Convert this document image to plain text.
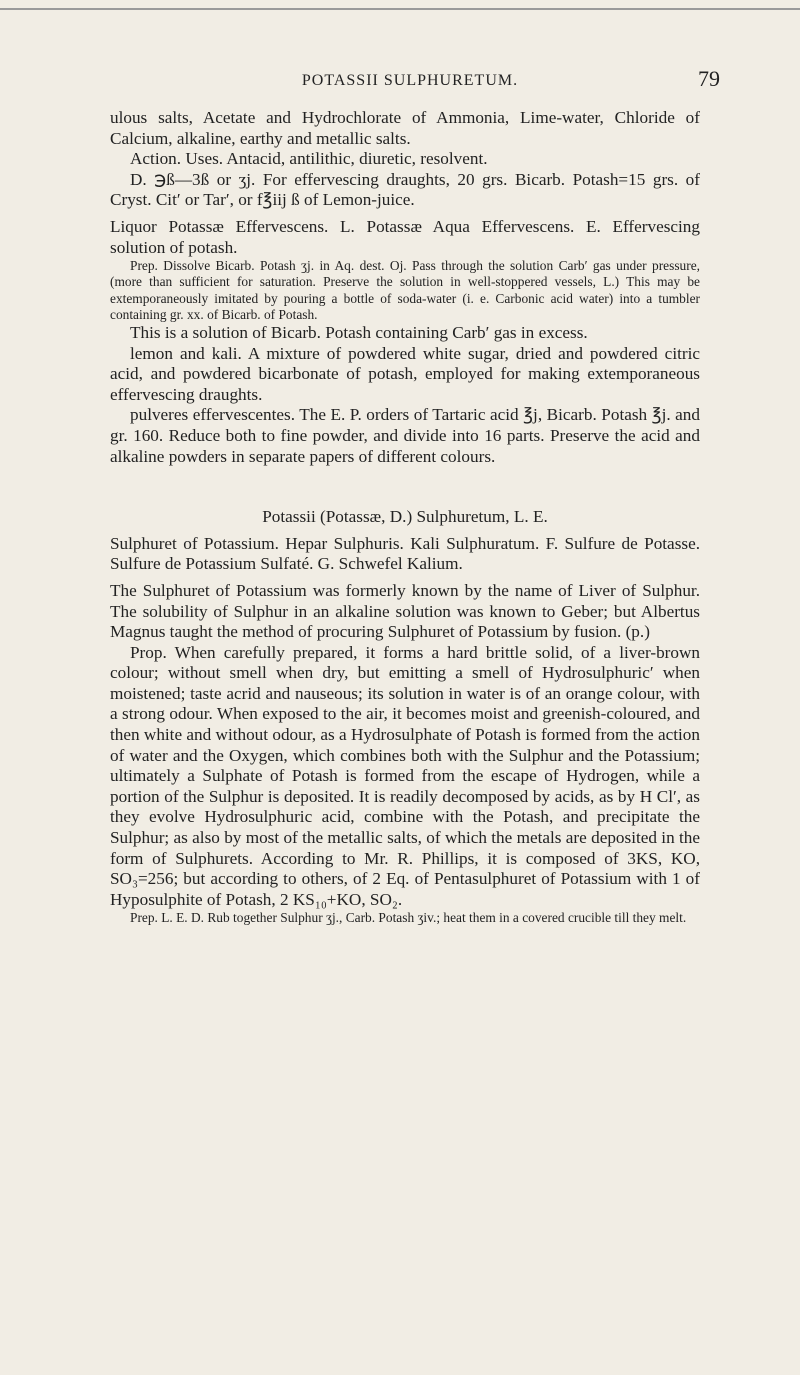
POTASSII SULPHURETUM.	79

ulous salts, Acetate and Hydrochlorate of Ammonia, Lime-water, Chloride of Calcium, alkaline, earthy and metallic salts.

Action. Uses. Antacid, antilithic, diuretic, resolvent.

D. ℈ß—3ß or ʒj. For effervescing draughts, 20 grs. Bicarb. Potash=15 grs. of Cryst. Cit′ or Tar′, or f℥iij ß of Lemon-juice.

Liquor Potassæ Effervescens. L. Potassæ Aqua Effervescens. E. Effervescing solution of potash.

Prep. Dissolve Bicarb. Potash ʒj. in Aq. dest. Oj. Pass through the solution Carb′ gas under pressure, (more than sufficient for saturation. Preserve the solution in well-stoppered vessels, L.) This may be extemporaneously imitated by pouring a bottle of soda-water (i. e. Carbonic acid water) into a tumbler containing gr. xx. of Bicarb. of Potash.

This is a solution of Bicarb. Potash containing Carb′ gas in excess.

lemon and kali. A mixture of powdered white sugar, dried and powdered citric acid, and powdered bicarbonate of potash, employed for making extemporaneous effervescing draughts.

pulveres effervescentes. The E. P. orders of Tartaric acid ℥j, Bicarb. Potash ℥j. and gr. 160. Reduce both to fine powder, and divide into 16 parts. Preserve the acid and alkaline powders in separate papers of different colours.

Potassii (Potassæ, D.) Sulphuretum, L. E.

Sulphuret of Potassium. Hepar Sulphuris. Kali Sulphuratum. F. Sulfure de Potasse. Sulfure de Potassium Sulfaté. G. Schwefel Kalium.

The Sulphuret of Potassium was formerly known by the name of Liver of Sulphur. The solubility of Sulphur in an alkaline solution was known to Geber; but Albertus Magnus taught the method of procuring Sulphuret of Potassium by fusion. (p.)

Prop. When carefully prepared, it forms a hard brittle solid, of a liver-brown colour; without smell when dry, but emitting a smell of Hydrosulphuric′ when moistened; taste acrid and nauseous; its solution in water is of an orange colour, with a strong odour. When exposed to the air, it becomes moist and greenish-coloured, and then white and without odour, as a Hydrosulphate of Potash is formed from the action of water and the Oxygen, which combines both with the Sulphur and the Potassium; ultimately a Sulphate of Potash is formed from the escape of Hydrogen, while a portion of the Sulphur is deposited. It is readily decomposed by acids, as by H Cl′, as they evolve Hydrosulphuric acid, combine with the Potash, and precipitate the Sulphur; as also by most of the metallic salts, of which the metals are deposited in the form of Sulphurets. According to Mr. R. Phillips, it is composed of 3KS, KO, SO₃=256; but according to others, of 2 Eq. of Pentasulphuret of Potassium with 1 of Hyposulphite of Potash, 2 KS₁₀+KO, SO₂.

Prep. L. E. D. Rub together Sulphur ʒj., Carb. Potash ʒiv.; heat them in a covered crucible till they melt.
